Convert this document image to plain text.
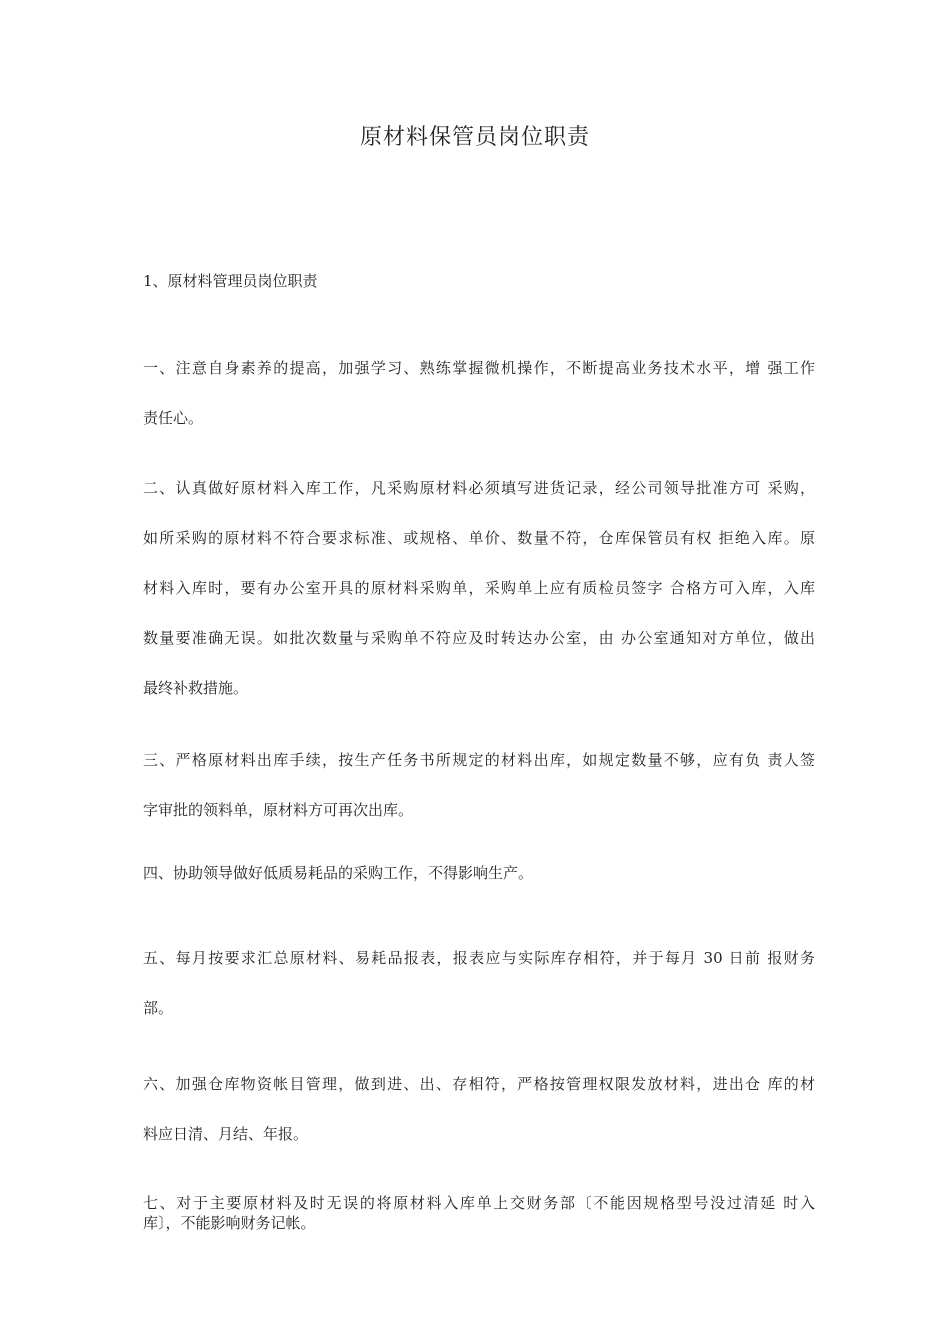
原材料保管员岗位职责
1、原材料管理员岗位职责
一、注意自身素养的提高，加强学习、熟练掌握微机操作，不断提高业务技术水平，增 强工作
责任心。
二、认真做好原材料入库工作，凡采购原材料必须填写进货记录，经公司领导批准方可 采购，
如所采购的原材料不符合要求标准、或规格、单价、数量不符，仓库保管员有权 拒绝入库。原
材料入库时，要有办公室开具的原材料采购单，采购单上应有质检员签字 合格方可入库，入库
数量要准确无误。如批次数量与采购单不符应及时转达办公室，由 办公室通知对方单位，做出
最终补救措施。
三、严格原材料出库手续，按生产任务书所规定的材料出库，如规定数量不够，应有负 责人签
字审批的领料单，原材料方可再次出库。
四、协助领导做好低质易耗品的采购工作，不得影响生产。
五、每月按要求汇总原材料、易耗品报表，报表应与实际库存相符，并于每月 30 日前 报财务
部。
六、加强仓库物资帐目管理，做到进、出、存相符，严格按管理权限发放材料，进出仓 库的材
料应日清、月结、年报。
七、对于主要原材料及时无误的将原材料入库单上交财务部〔不能因规格型号没过清延 时入
库〕，不能影响财务记帐。
